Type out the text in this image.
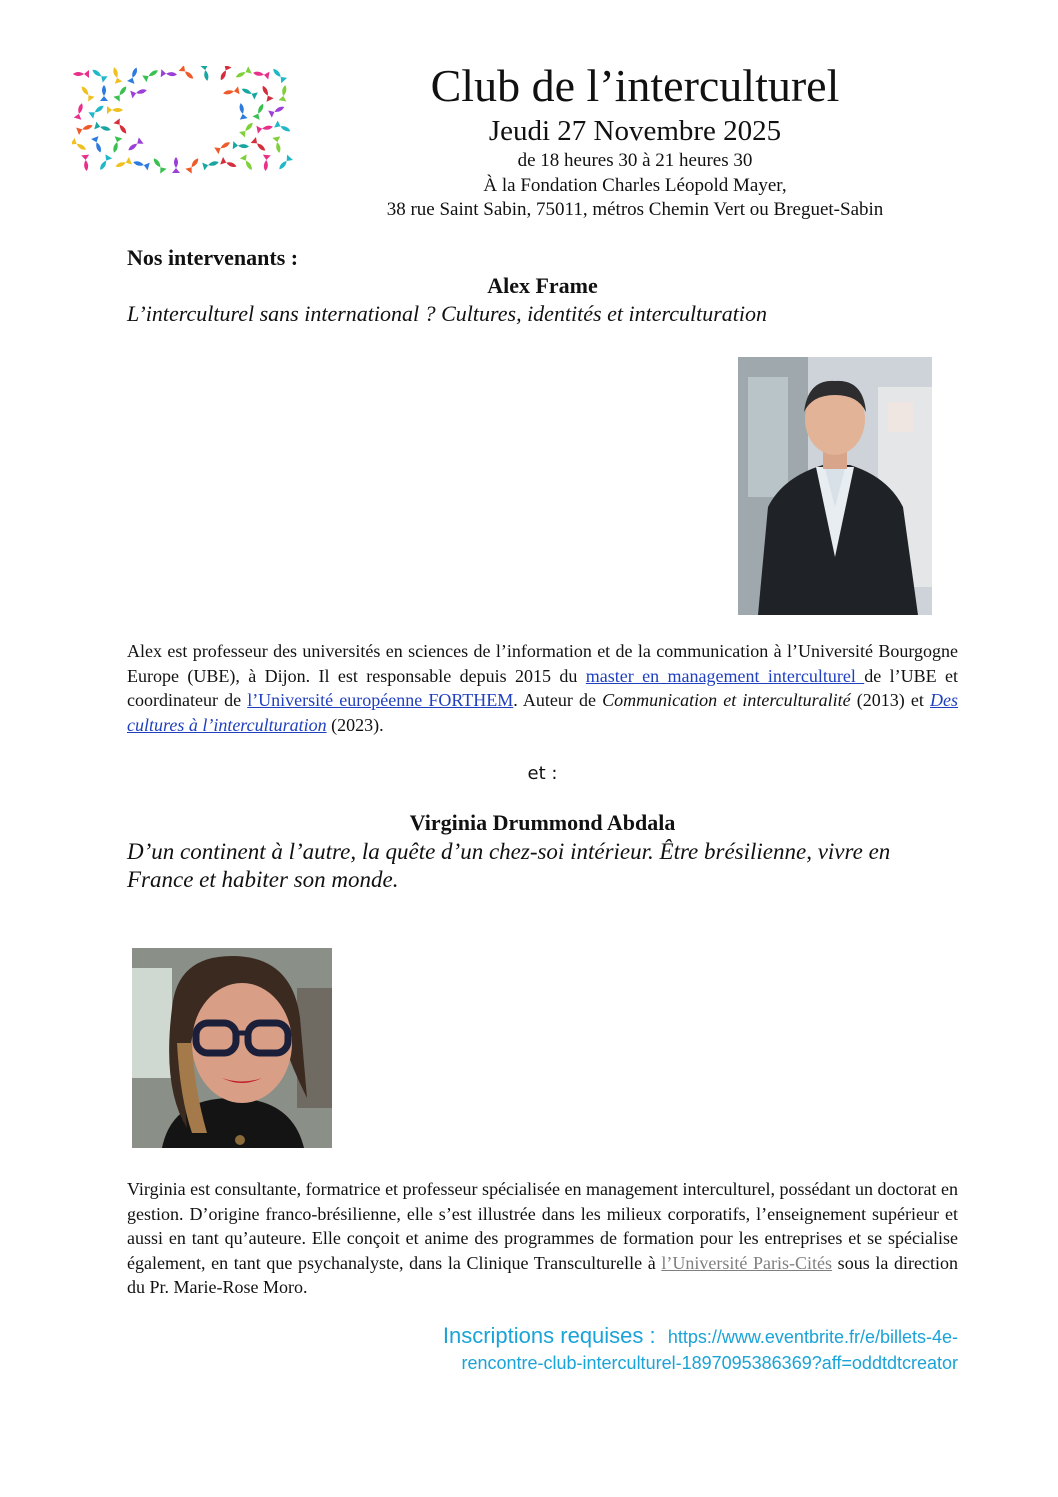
Club de l’interculturel
Jeudi 27 Novembre 2025
de 18 heures 30 à 21 heures 30
À la Fondation Charles Léopold Mayer,
38 rue Saint Sabin, 75011, métros Chemin Vert ou Breguet-Sabin
Nos intervenants :
Alex Frame
L’interculturel sans international ? Cultures, identités et interculturation
Alex est professeur des universités en sciences de l’information et de la communication à l’Université Bourgogne Europe (UBE), à Dijon. Il est responsable depuis 2015 du master en management interculturel de l’UBE et coordinateur de l’Université européenne FORTHEM. Auteur de Communication et interculturalité (2013) et Des cultures à l’interculturation (2023).
et :
Virginia Drummond Abdala
D’un continent à l’autre, la quête d’un chez-soi intérieur. Être brésilienne, vivre en France et habiter son monde.
Virginia est consultante, formatrice et professeur spécialisée en management interculturel, possédant un doctorat en gestion. D’origine franco-brésilienne, elle s’est illustrée dans les milieux corporatifs, l’enseignement supérieur et aussi en tant qu’auteure. Elle conçoit et anime des programmes de formation pour les entreprises et se spécialise également, en tant que psychanalyste, dans la Clinique Transculturelle à l’Université Paris-Cités sous la direction du Pr. Marie-Rose Moro.
Inscriptions requises : https://www.eventbrite.fr/e/billets-4e-
rencontre-club-interculturel-1897095386369?aff=oddtdtcreator
